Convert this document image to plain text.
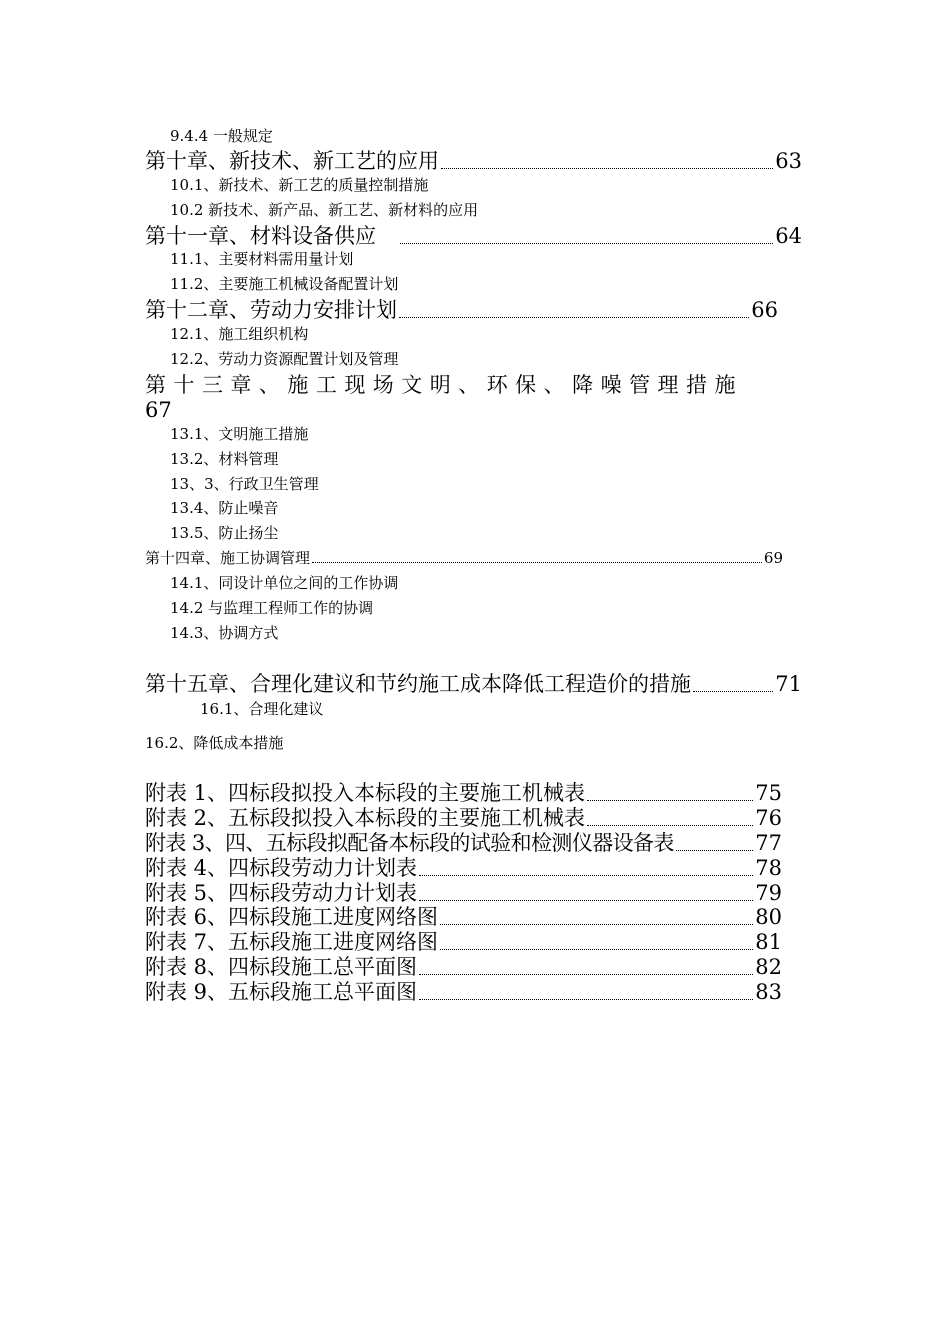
9.4.4 一般规定
第十章、新技术、新工艺的应用	63
10.1、新技术、新工艺的质量控制措施
10.2 新技术、新产品、新工艺、新材料的应用
第十一章、材料设备供应	64
11.1、主要材料需用量计划
11.2、主要施工机械设备配置计划
第十二章、劳动力安排计划	66
12.1、施工组织机构
12.2、劳动力资源配置计划及管理
第 十 三 章 、 施 工 现 场 文 明 、 环 保 、 降 噪 管 理 措 施
67
13.1、文明施工措施
13.2、材料管理
13、3、行政卫生管理
13.4、防止噪音
13.5、防止扬尘
第十四章、施工协调管理	69
14.1、同设计单位之间的工作协调
14.2 与监理工程师工作的协调
14.3、协调方式
第十五章、合理化建议和节约施工成本降低工程造价的措施	71
16.1、合理化建议
16.2、降低成本措施
附表 1、四标段拟投入本标段的主要施工机械表	75
附表 2、五标段拟投入本标段的主要施工机械表	76
附表 3、四、五标段拟配备本标段的试验和检测仪器设备表	77
附表 4、四标段劳动力计划表	78
附表 5、四标段劳动力计划表	79
附表 6、四标段施工进度网络图	80
附表 7、五标段施工进度网络图	81
附表 8、四标段施工总平面图	82
附表 9、五标段施工总平面图	83
